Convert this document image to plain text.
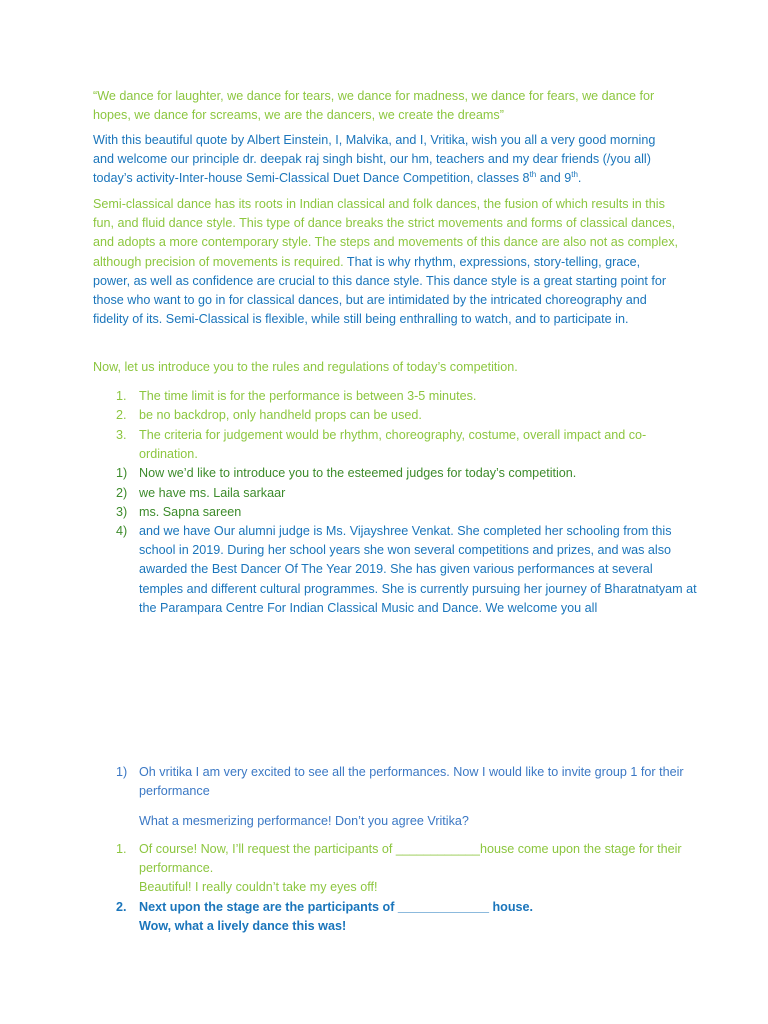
“We dance for laughter, we dance for tears, we dance for madness, we dance for fears, we dance for hopes, we dance for screams, we are the dancers, we create the dreams”

With this beautiful quote by Albert Einstein, I, Malvika, and I, Vritika, wish you all a very good morning and welcome our principle dr. deepak raj singh bisht, our hm, teachers and my dear friends (/you all) today’s activity-Inter-house Semi-Classical Duet Dance Competition, classes 8th and 9th.

Semi-classical dance has its roots in Indian classical and folk dances, the fusion of which results in this fun, and fluid dance style. This type of dance breaks the strict movements and forms of classical dances, and adopts a more contemporary style. The steps and movements of this dance are also not as complex, although precision of movements is required. That is why rhythm, expressions, story-telling, grace, power, as well as confidence are crucial to this dance style. This dance style is a great starting point for those who want to go in for classical dances, but are intimidated by the intricated choreography and fidelity of its. Semi-Classical is flexible, while still being enthralling to watch, and to participate in.

Now, let us introduce you to the rules and regulations of today’s competition.

1. The time limit is for the performance is between 3-5 minutes.
2. be no backdrop, only handheld props can be used.
3. The criteria for judgement would be rhythm, choreography, costume, overall impact and co-ordination.
1) Now we’d like to introduce you to the esteemed judges for today’s competition.
2) we have ms. Laila sarkaar
3) ms. Sapna sareen
4) and we have Our alumni judge is Ms. Vijayshree Venkat. She completed her schooling from this school in 2019. During her school years she won several competitions and prizes, and was also awarded the Best Dancer Of The Year 2019. She has given various performances at several temples and different cultural programmes. She is currently pursuing her journey of Bharatnatyam at the Parampara Centre For Indian Classical Music and Dance. We welcome you all
1) Oh vritika I am very excited to see all the performances. Now I would like to invite group 1 for their performance

What a mesmerizing performance! Don’t you agree Vritika?

1. Of course! Now, I’ll request the participants of ____________house come upon the stage for their performance.
Beautiful! I really couldn’t take my eyes off!
2. Next upon the stage are the participants of _____________ house.
Wow, what a lively dance this was!
